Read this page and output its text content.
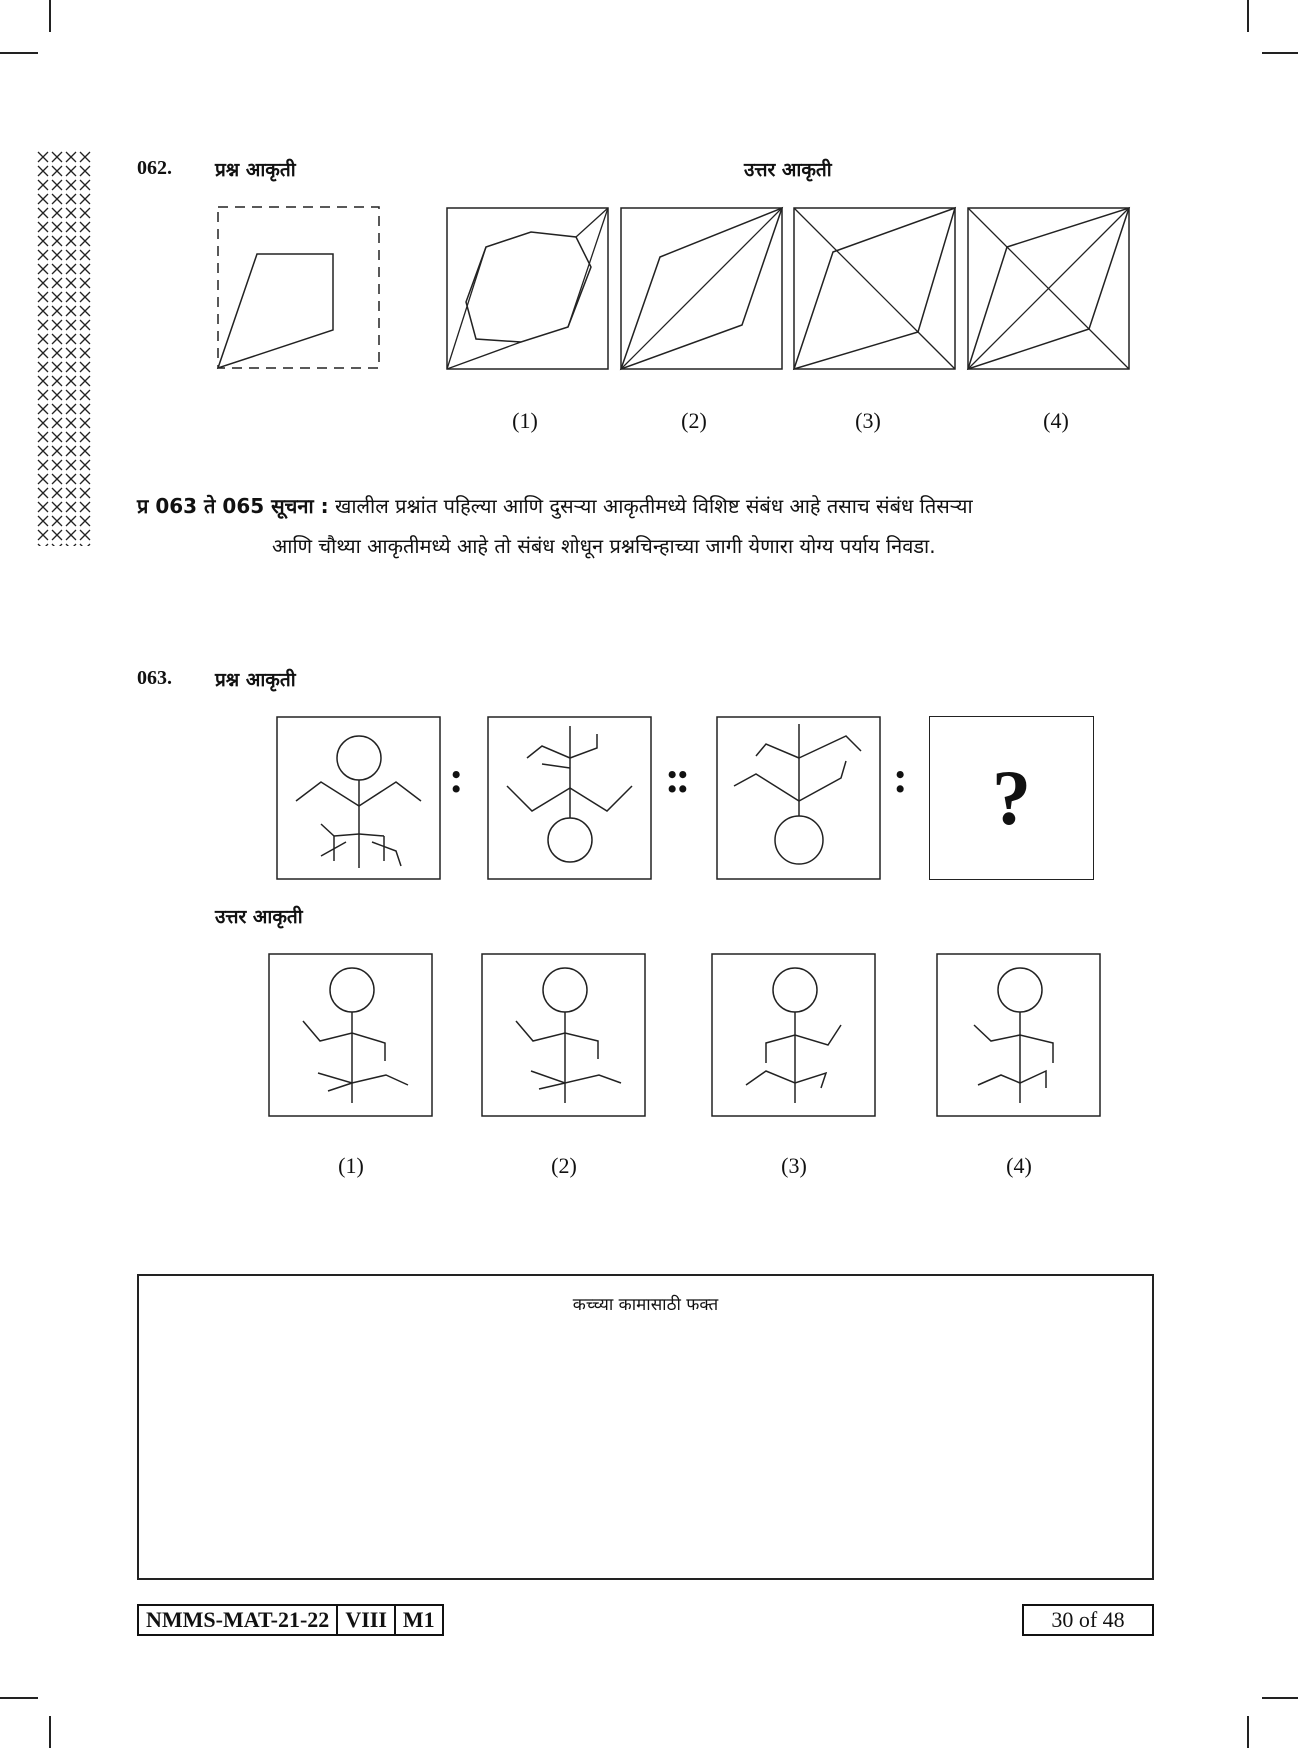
062. प्रश्न आकृती	उत्तर आकृती
(1)	(2)	(3)	(4)
प्र 063 ते 065 सूचना : खालील प्रश्नांत पहिल्या आणि दुसऱ्या आकृतीमध्ये विशिष्ट संबंध आहे तसाच संबंध तिसऱ्या
आणि चौथ्या आकृतीमध्ये आहे तो संबंध शोधून प्रश्नचिन्हाच्या जागी येणारा योग्य पर्याय निवडा.
063. प्रश्न आकृती
:	::	: ?
उत्तर आकृती
(1)	(2)	(3)	(4)
कच्च्या कामासाठी फक्त
NMMS-MAT-21-22 VIII M1	30 of 48
